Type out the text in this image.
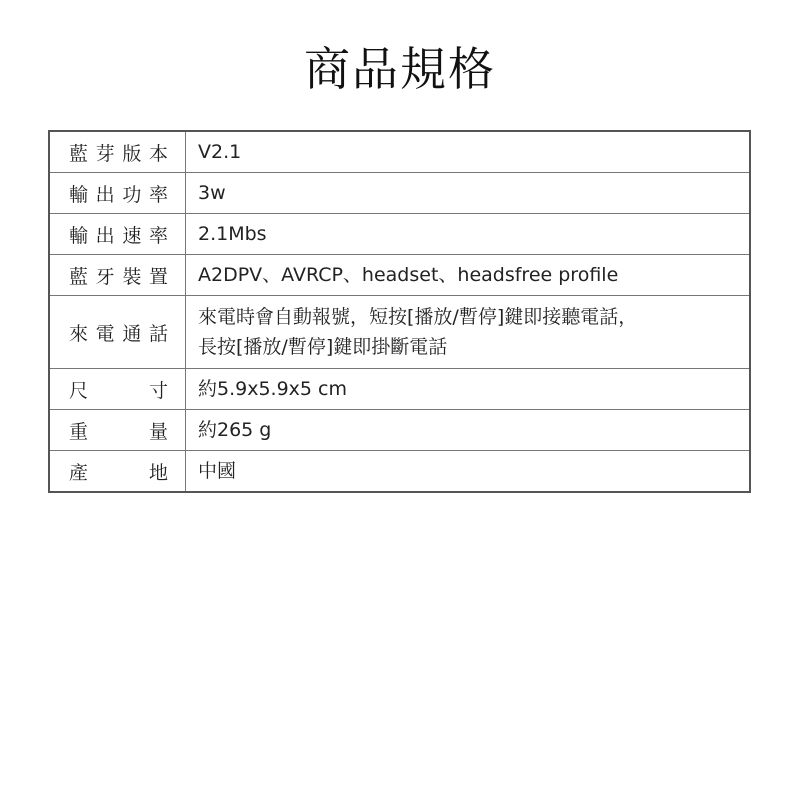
商品規格
藍 芽 版 本	V2.1

輸 出 功 率	3w

輸 出 速 率	2.1Mbs

藍 牙 裝 置	A2DPV、AVRCP、headset、headsfree profile

來 電 通 話	來電時會自動報號，短按[播放/暫停]鍵即接聽電話，
長按[播放/暫停]鍵即掛斷電話

尺 寸	約5.9x5.9x5 cm

重 量	約265 g

產 地	中國
